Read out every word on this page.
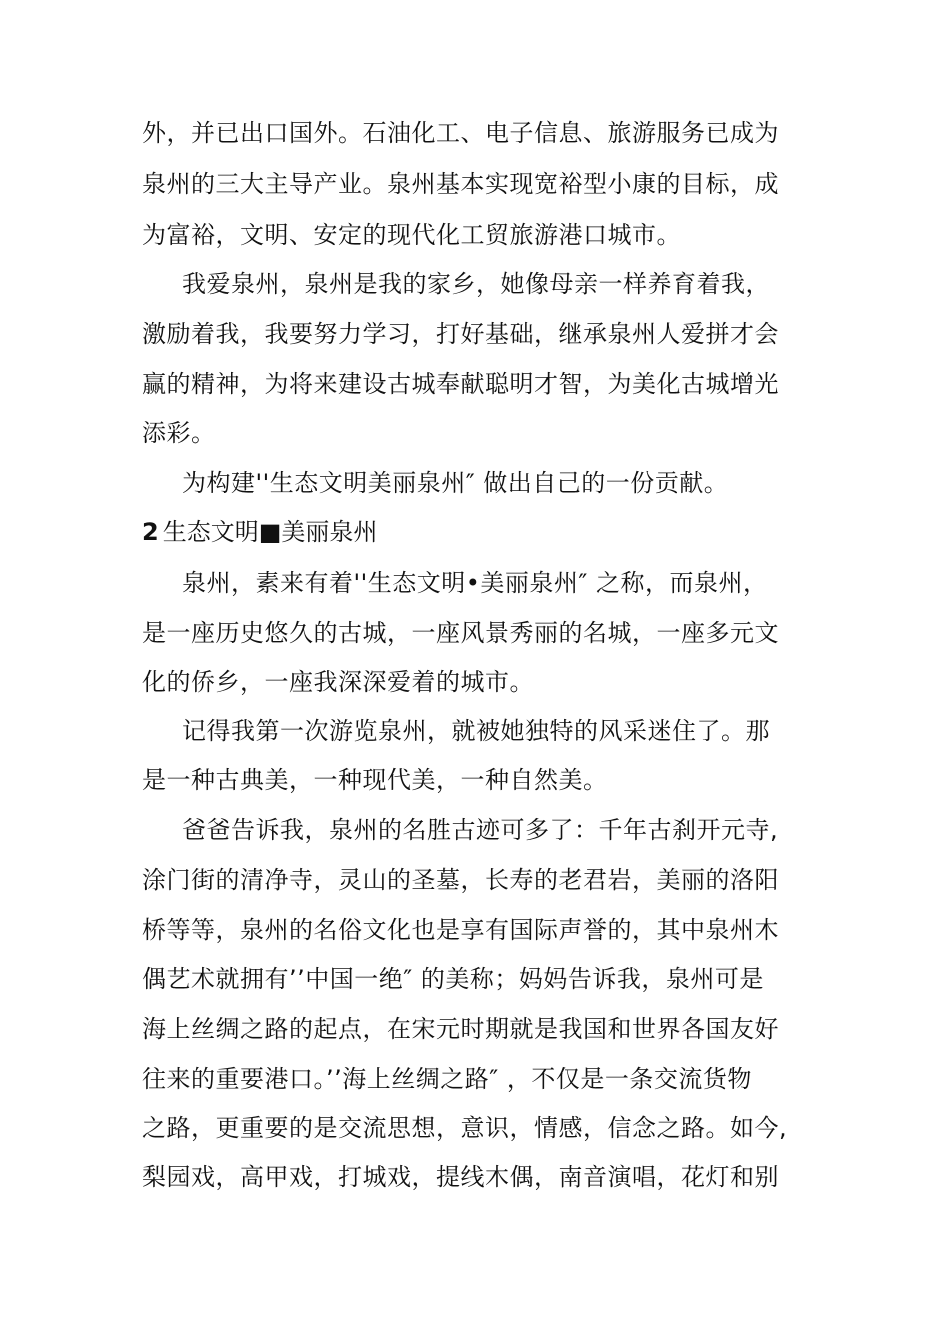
外，并已出口国外。石油化工、电子信息、旅游服务已成为
泉州的三大主导产业。泉州基本实现宽裕型小康的目标，成
为富裕，文明、安定的现代化工贸旅游港口城市。
我爱泉州，泉州是我的家乡，她像母亲一样养育着我，
激励着我，我要努力学习，打好基础，继承泉州人爱拼才会
赢的精神，为将来建设古城奉献聪明才智，为美化古城增光
添彩。
为构建''生态文明美丽泉州″ 做出自己的一份贡献。
2 生态文明■美丽泉州
泉州，素来有着''生态文明•美丽泉州″ 之称，而泉州，
是一座历史悠久的古城，一座风景秀丽的名城，一座多元文
化的侨乡，一座我深深爱着的城市。
记得我第一次游览泉州，就被她独特的风采迷住了。那
是一种古典美，一种现代美，一种自然美。
爸爸告诉我，泉州的名胜古迹可多了：千年古刹开元寺,
涂门街的清净寺，灵山的圣墓，长寿的老君岩，美丽的洛阳
桥等等，泉州的名俗文化也是享有国际声誉的，其中泉州木
偶艺术就拥有’’中国一绝″ 的美称；妈妈告诉我，泉州可是
海上丝绸之路的起点，在宋元时期就是我国和世界各国友好
往来的重要港口。’’海上丝绸之路″ ，不仅是一条交流货物
之路，更重要的是交流思想，意识，情感，信念之路。如今,
梨园戏，高甲戏，打城戏，提线木偶，南音演唱，花灯和别
